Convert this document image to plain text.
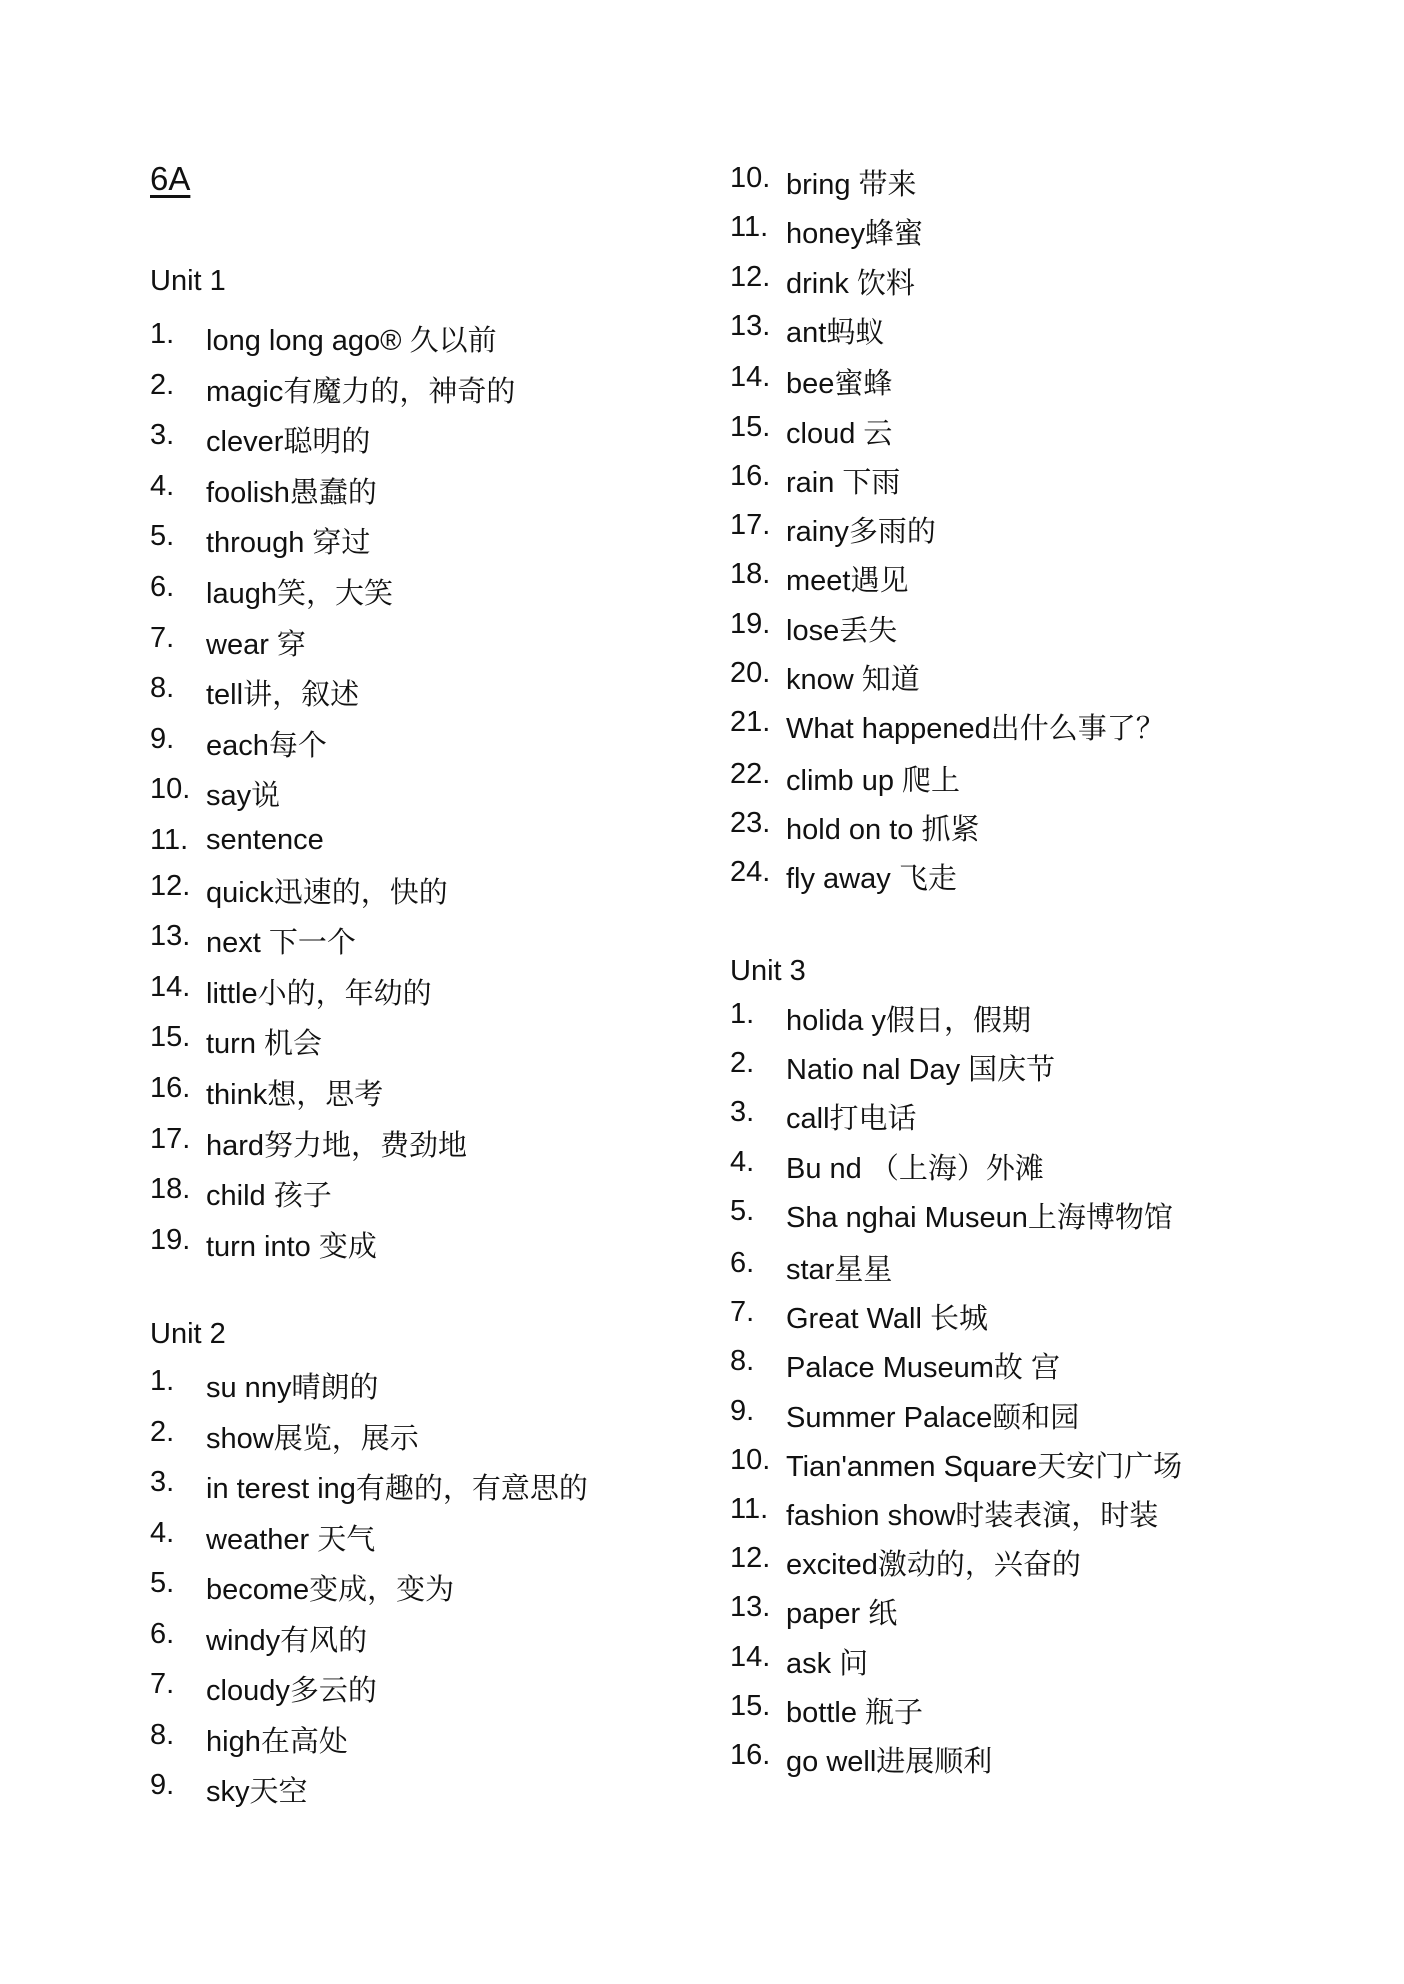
6A
Unit 1
1.	long long ago® 久以前
2.	magic有魔力的，神奇的
3.	clever聪明的
4.	foolish愚蠢的
5.	through 穿过
6.	laugh笑，大笑
7.	wear 穿
8.	tell讲，叙述
9.	each每个
10. say说
11. sentence
12. quick迅速的，快的
13. next 下一个
14. little小的，年幼的
15. turn 机会
16. think想，思考
17. hard努力地，费劲地
18. child 孩子
19. turn into 变成
Unit 2
1.	su nny晴朗的
2.	show展览，展示
3.	in terest ing有趣的，有意思的
4.	weather 天气
5.	become变成，变为
6.	windy有风的
7.	cloudy多云的
8.	high在高处
9.	sky天空
10. bring 带来
11. honey蜂蜜
12. drink 饮料
13. ant蚂蚁
14. bee蜜蜂
15. cloud 云
16. rain 下雨
17. rainy多雨的
18. meet遇见
19. lose丢失
20. know 知道
21. What happened出什么事了？
22. climb up 爬上
23. hold on to 抓紧
24. fly away 飞走
Unit 3
1.	holida y假日，假期
2.	Natio nal Day 国庆节
3.	call打电话
4.	Bu nd （上海）外滩
5.	Sha nghai Museun上海博物馆
6.	star星星
7.	Great Wall 长城
8.	Palace Museum故 宫
9.	Summer Palace颐和园
10. Tian'anmen Square天安门广场
11. fashion show时装表演，时装
12. excited激动的，兴奋的
13. paper 纸
14. ask 问
15. bottle 瓶子
16. go well进展顺利
